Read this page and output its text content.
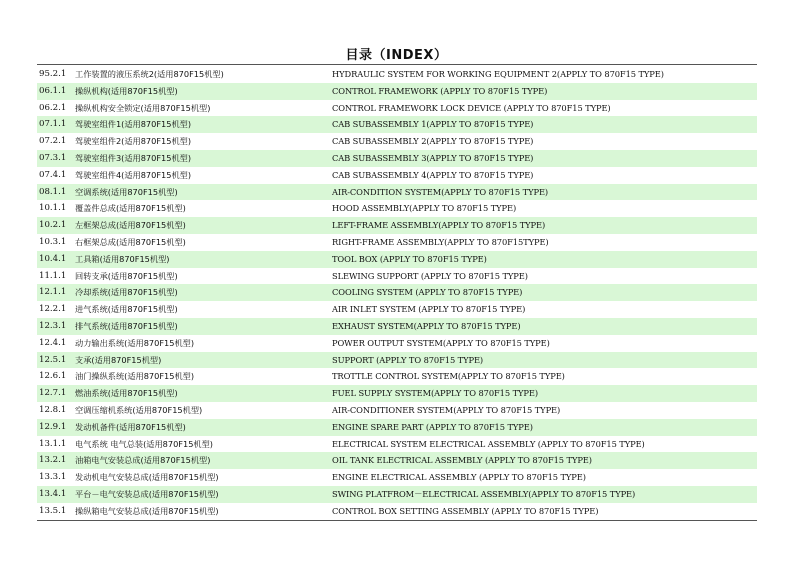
目录（INDEX）
95.2.1 工作装置的液压系统2(适用870F15机型)	HYDRAULIC SYSTEM FOR WORKING EQUIPMENT 2(APPLY TO 870F15 TYPE)
06.1.1 操纵机构(适用870F15机型)	CONTROL FRAMEWORK (APPLY TO 870F15 TYPE)
06.2.1 操纵机构安全锁定(适用870F15机型)	CONTROL FRAMEWORK LOCK DEVICE (APPLY TO 870F15 TYPE)
07.1.1 驾驶室组件1(适用870F15机型)	CAB SUBASSEMBLY 1(APPLY TO 870F15 TYPE)
07.2.1 驾驶室组件2(适用870F15机型)	CAB SUBASSEMBLY 2(APPLY TO 870F15 TYPE)
07.3.1 驾驶室组件3(适用870F15机型)	CAB SUBASSEMBLY 3(APPLY TO 870F15 TYPE)
07.4.1 驾驶室组件4(适用870F15机型)	CAB SUBASSEMBLY 4(APPLY TO 870F15 TYPE)
08.1.1 空调系统(适用870F15机型)	AIR-CONDITION SYSTEM(APPLY TO 870F15 TYPE)
10.1.1 覆盖件总成(适用870F15机型)	HOOD ASSEMBLY(APPLY TO 870F15 TYPE)
10.2.1 左框架总成(适用870F15机型)	LEFT-FRAME ASSEMBLY(APPLY TO 870F15 TYPE)
10.3.1 右框架总成(适用870F15机型)	RIGHT-FRAME ASSEMBLY(APPLY TO 870F15TYPE)
10.4.1 工具箱(适用870F15机型)	TOOL BOX (APPLY TO 870F15 TYPE)
11.1.1 回转支承(适用870F15机型)	SLEWING SUPPORT (APPLY TO 870F15 TYPE)
12.1.1 冷却系统(适用870F15机型)	COOLING SYSTEM (APPLY TO 870F15 TYPE)
12.2.1 进气系统(适用870F15机型)	AIR INLET SYSTEM (APPLY TO 870F15 TYPE)
12.3.1 排气系统(适用870F15机型)	EXHAUST SYSTEM(APPLY TO 870F15 TYPE)
12.4.1 动力输出系统(适用870F15机型)	POWER OUTPUT SYSTEM(APPLY TO 870F15 TYPE)
12.5.1 支承(适用870F15机型)	SUPPORT (APPLY TO 870F15 TYPE)
12.6.1 油门操纵系统(适用870F15机型)	TROTTLE CONTROL SYSTEM(APPLY TO 870F15 TYPE)
12.7.1 燃油系统(适用870F15机型)	FUEL SUPPLY SYSTEM(APPLY TO 870F15 TYPE)
12.8.1 空调压缩机系统(适用870F15机型)	AIR-CONDITIONER SYSTEM(APPLY TO 870F15 TYPE)
12.9.1 发动机备件(适用870F15机型)	ENGINE SPARE PART (APPLY TO 870F15 TYPE)
13.1.1 电气系统 电气总装(适用870F15机型)	ELECTRICAL SYSTEM ELECTRICAL ASSEMBLY (APPLY TO 870F15 TYPE)
13.2.1 油箱电气安装总成(适用870F15机型)	OIL TANK ELECTRICAL ASSEMBLY (APPLY TO 870F15 TYPE)
13.3.1 发动机电气安装总成(适用870F15机型)	ENGINE ELECTRICAL ASSEMBLY (APPLY TO 870F15 TYPE)
13.4.1 平台－电气安装总成(适用870F15机型)	SWING PLATFROM－ELECTRICAL ASSEMBLY(APPLY TO 870F15 TYPE)
13.5.1 操纵箱电气安装总成(适用870F15机型)	CONTROL BOX SETTING ASSEMBLY (APPLY TO 870F15 TYPE)
